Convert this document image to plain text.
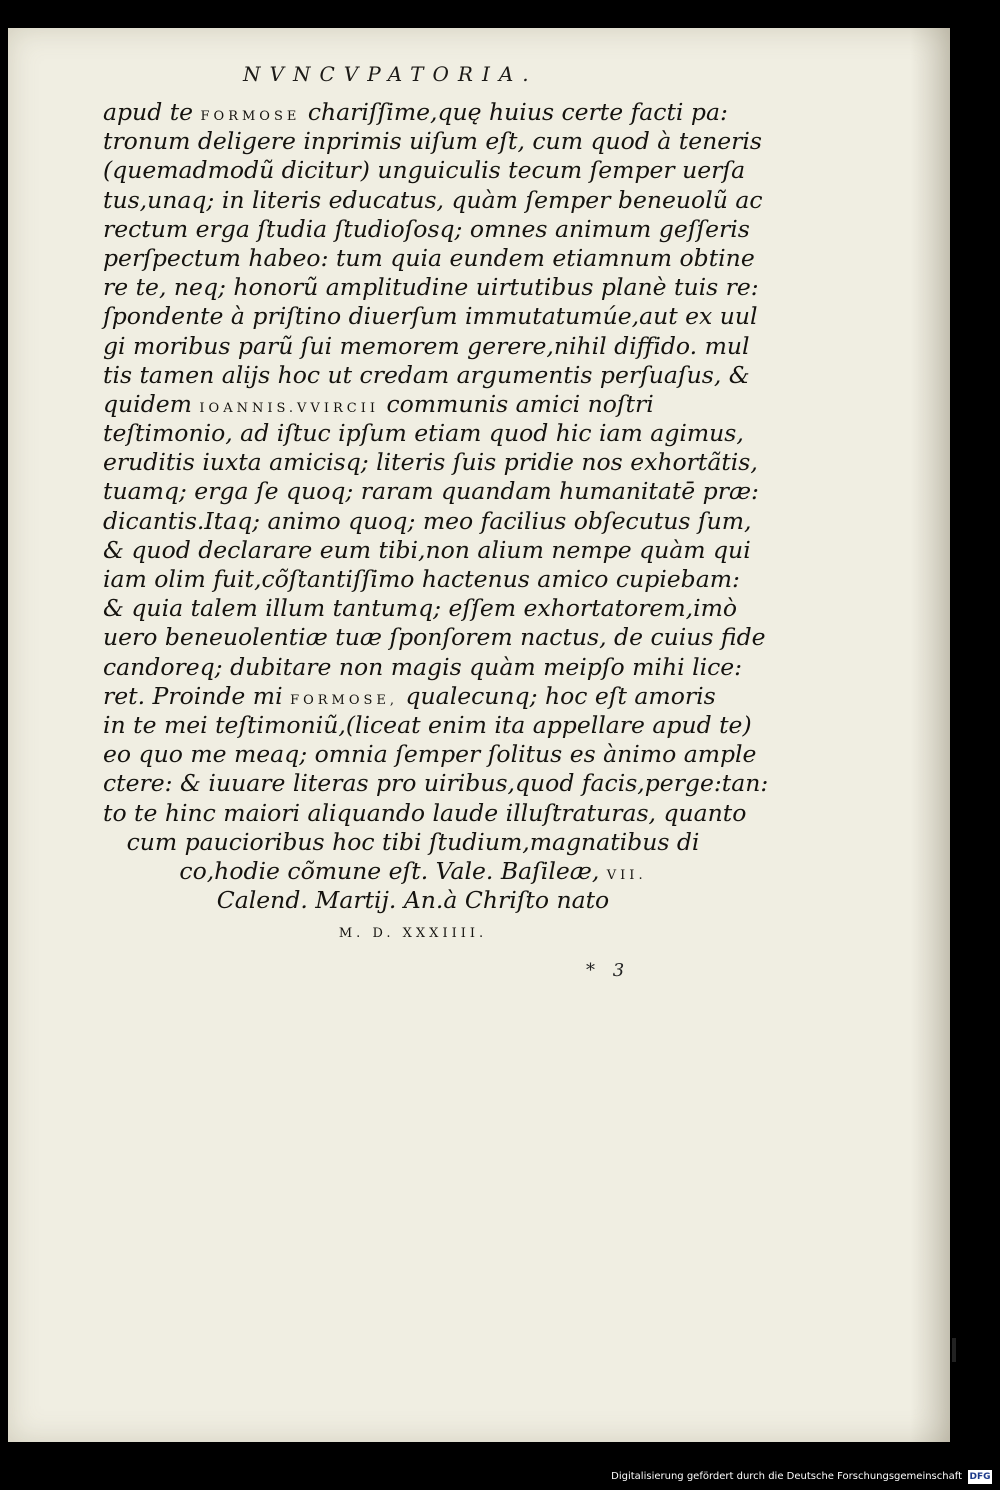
NVNCVPATORIA.
apud te FORMOSE chariſſime,quę huius certe facti pa:
tronum deligere inprimis uiſum eſt, cum quod à teneris
(quemadmodũ dicitur) unguiculis tecum ſemper uerſa
tus,unaq; in literis educatus, quàm ſemper beneuolũ ac
rectum erga ſtudia ſtudioſosq; omnes animum geſſeris
perſpectum habeo: tum quia eundem etiamnum obtine
re te, neq; honorũ amplitudine uirtutibus planè tuis re:
ſpondente à priſtino diuerſum immutatumúe,aut ex uul
gi moribus parũ ſui memorem gerere,nihil diffido. mul
tis tamen alijs hoc ut credam argumentis perſuaſus, &
quidem IOANNIS.VVIRCII communis amici noſtri
teſtimonio, ad iſtuc ipſum etiam quod hic iam agimus,
eruditis iuxta amicisq; literis ſuis pridie nos exhortãtis,
tuamq; erga ſe quoq; raram quandam humanitatē præ:
dicantis.Itaq; animo quoq; meo facilius obſecutus ſum,
& quod declarare eum tibi,non alium nempe quàm qui
iam olim fuit,cõſtantiſſimo hactenus amico cupiebam:
& quia talem illum tantumq; eſſem exhortatorem,imò
uero beneuolentiæ tuæ ſponſorem nactus, de cuius fide
candoreq; dubitare non magis quàm meipſo mihi lice:
ret. Proinde mi FORMOSE, qualecunq; hoc eſt amoris
in te mei teſtimoniũ,(liceat enim ita appellare apud te)
eo quo me meaq; omnia ſemper ſolitus es ànimo ample
ctere: & iuuare literas pro uiribus,quod facis,perge:tan:
to te hinc maiori aliquando laude illuſtraturas, quanto
cum paucioribus hoc tibi ſtudium,magnatibus di
co,hodie cõmune eſt. Vale. Baſileæ, VII.
Calend. Martij. An.à Chriſto nato
M. D. XXXIIII.
* 3
Digitalisierung gefördert durch die Deutsche Forschungsgemeinschaft DFG
